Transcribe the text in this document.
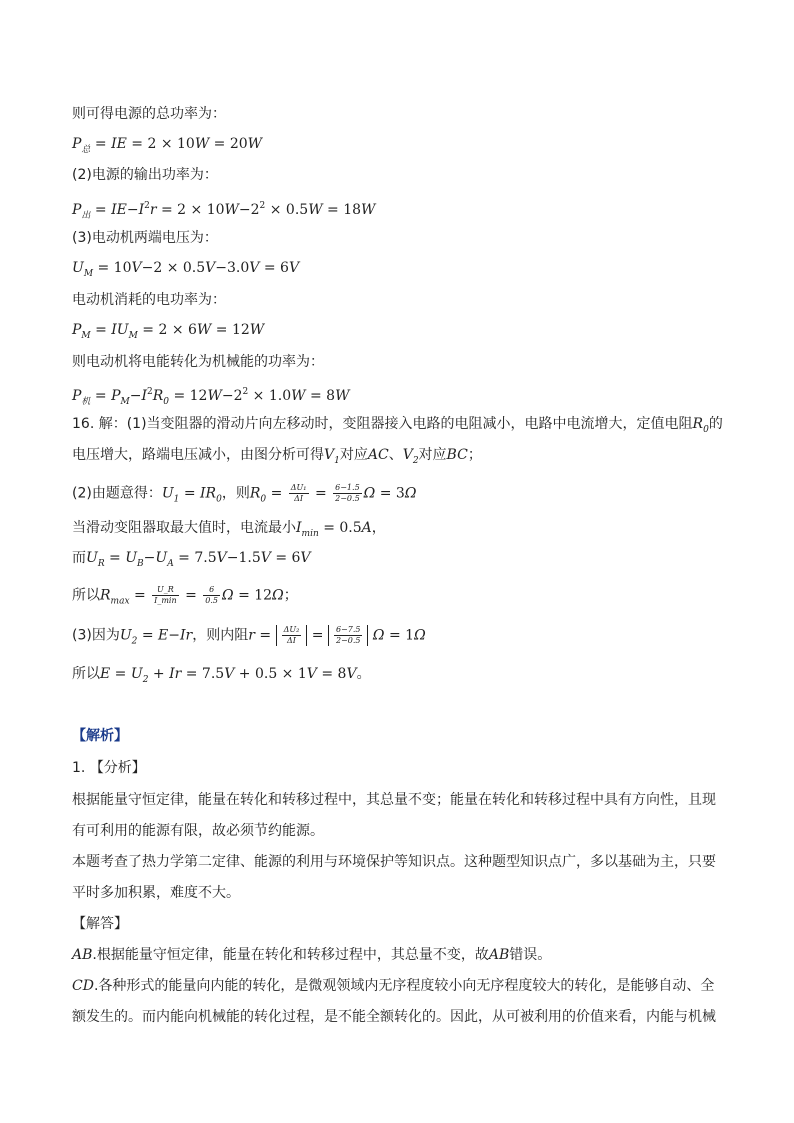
则可得电源的总功率为：
$P_总$ = IE = 2 × 10W = 20W
(2)电源的输出功率为：
$P_出 = IE-I^2r = 2 \times 10W-2^2 \times 0.5W = 18W$
(3)电动机两端电压为：
$U_M = 10V-2 \times 0.5V-3.0V = 6V$
电动机消耗的电功率为：
$P_M = IU_M = 2 \times 6W = 12W$
则电动机将电能转化为机械能的功率为：
$P_机 = P_M-I^2R_0 = 12W-2^2 \times 1.0W = 8W$
16. 解：(1)当变阻器的滑动片向左移动时，变阻器接入电路的电阻减小，电路中电流增大，定值电阻$R_0$的
电压增大，路端电压减小，由图分析可得$V_1$对应AC、$V_2$对应BC；
(2)由题意得：$U_1 = IR_0$，则$R_0 = \frac{\text{ΔU₁}}{\Delta I} = \frac{6-1.5}{2-0.5}$ Ω = 3Ω
当滑动变阻器取最大值时，电流最小$I_{min} = 0.5A$，
而$U_R = U_B-U_A = 7.5V-1.5V = 6V$
所以$R_{max} = \frac{U\_R}{I\_\min} = \frac{6}{0.5}$ Ω = 12Ω；
(3)因为$U_2 = E-Ir$，则内阻$r = \frac{\text{ΔU₂}}{\Delta I} = \frac{6-7.5}{2-0.5}$ Ω = 1Ω
所以$E = U_2 + Ir = 7.5V + 0.5 \times 1V = 8V$。
【解析】
1. 【分析】
根据能量守恒定律，能量在转化和转移过程中，其总量不变；能量在转化和转移过程中具有方向性，且现
有可利用的能源有限，故必须节约能源。
本题考查了热力学第二定律、能源的利用与环境保护等知识点。这种题型知识点广，多以基础为主，只要
平时多加积累，难度不大。
【解答】
AB.根据能量守恒定律，能量在转化和转移过程中，其总量不变，故AB错误。
CD.各种形式的能量向内能的转化，是微观领域内无序程度较小向无序程度较大的转化，是能够自动、全
额发生的。而内能向机械能的转化过程，是不能全额转化的。因此，从可被利用的价值来看，内能与机械
